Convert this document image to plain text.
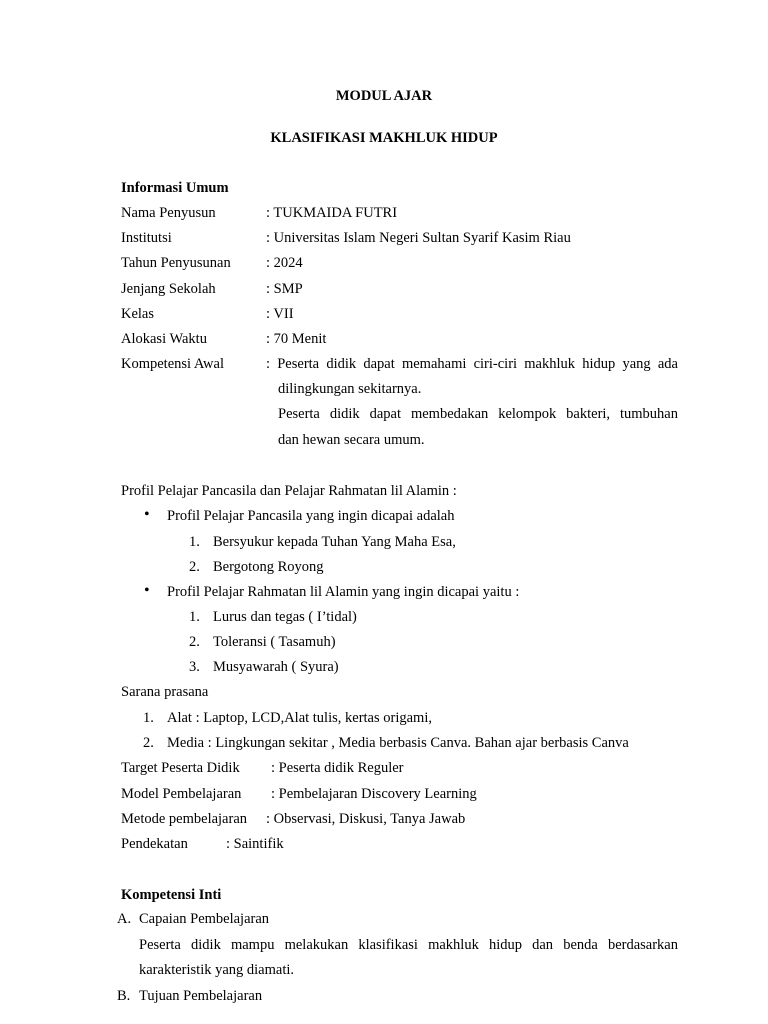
MODUL AJAR
KLASIFIKASI MAKHLUK HIDUP
Informasi Umum
Nama Penyusun	: TUKMAIDA FUTRI
Institutsi	: Universitas Islam Negeri Sultan Syarif Kasim Riau
Tahun Penyusunan : 2024
Jenjang Sekolah	: SMP
Kelas	: VII
Alokasi Waktu	: 70 Menit
Kompetensi Awal	: Peserta didik dapat memahami ciri-ciri makhluk hidup yang ada
dilingkungan sekitarnya.
Peserta didik dapat membedakan kelompok bakteri, tumbuhan
dan hewan secara umum.
Profil Pelajar Pancasila dan Pelajar Rahmatan lil Alamin :
• Profil Pelajar Pancasila yang ingin dicapai adalah
1. Bersyukur kepada Tuhan Yang Maha Esa,
2. Bergotong Royong
• Profil Pelajar Rahmatan lil Alamin yang ingin dicapai yaitu :
1. Lurus dan tegas ( I’tidal)
2. Toleransi ( Tasamuh)
3. Musyawarah ( Syura)
Sarana prasana
1. Alat : Laptop, LCD,Alat tulis, kertas origami,
2. Media : Lingkungan sekitar , Media berbasis Canva. Bahan ajar berbasis Canva
Target Peserta Didik : Peserta didik Reguler
Model Pembelajaran : Pembelajaran Discovery Learning
Metode pembelajaran : Observasi, Diskusi, Tanya Jawab
Pendekatan	: Saintifik
Kompetensi Inti
A. Capaian Pembelajaran
Peserta didik mampu melakukan klasifikasi makhluk hidup dan benda berdasarkan
karakteristik yang diamati.
B. Tujuan Pembelajaran
